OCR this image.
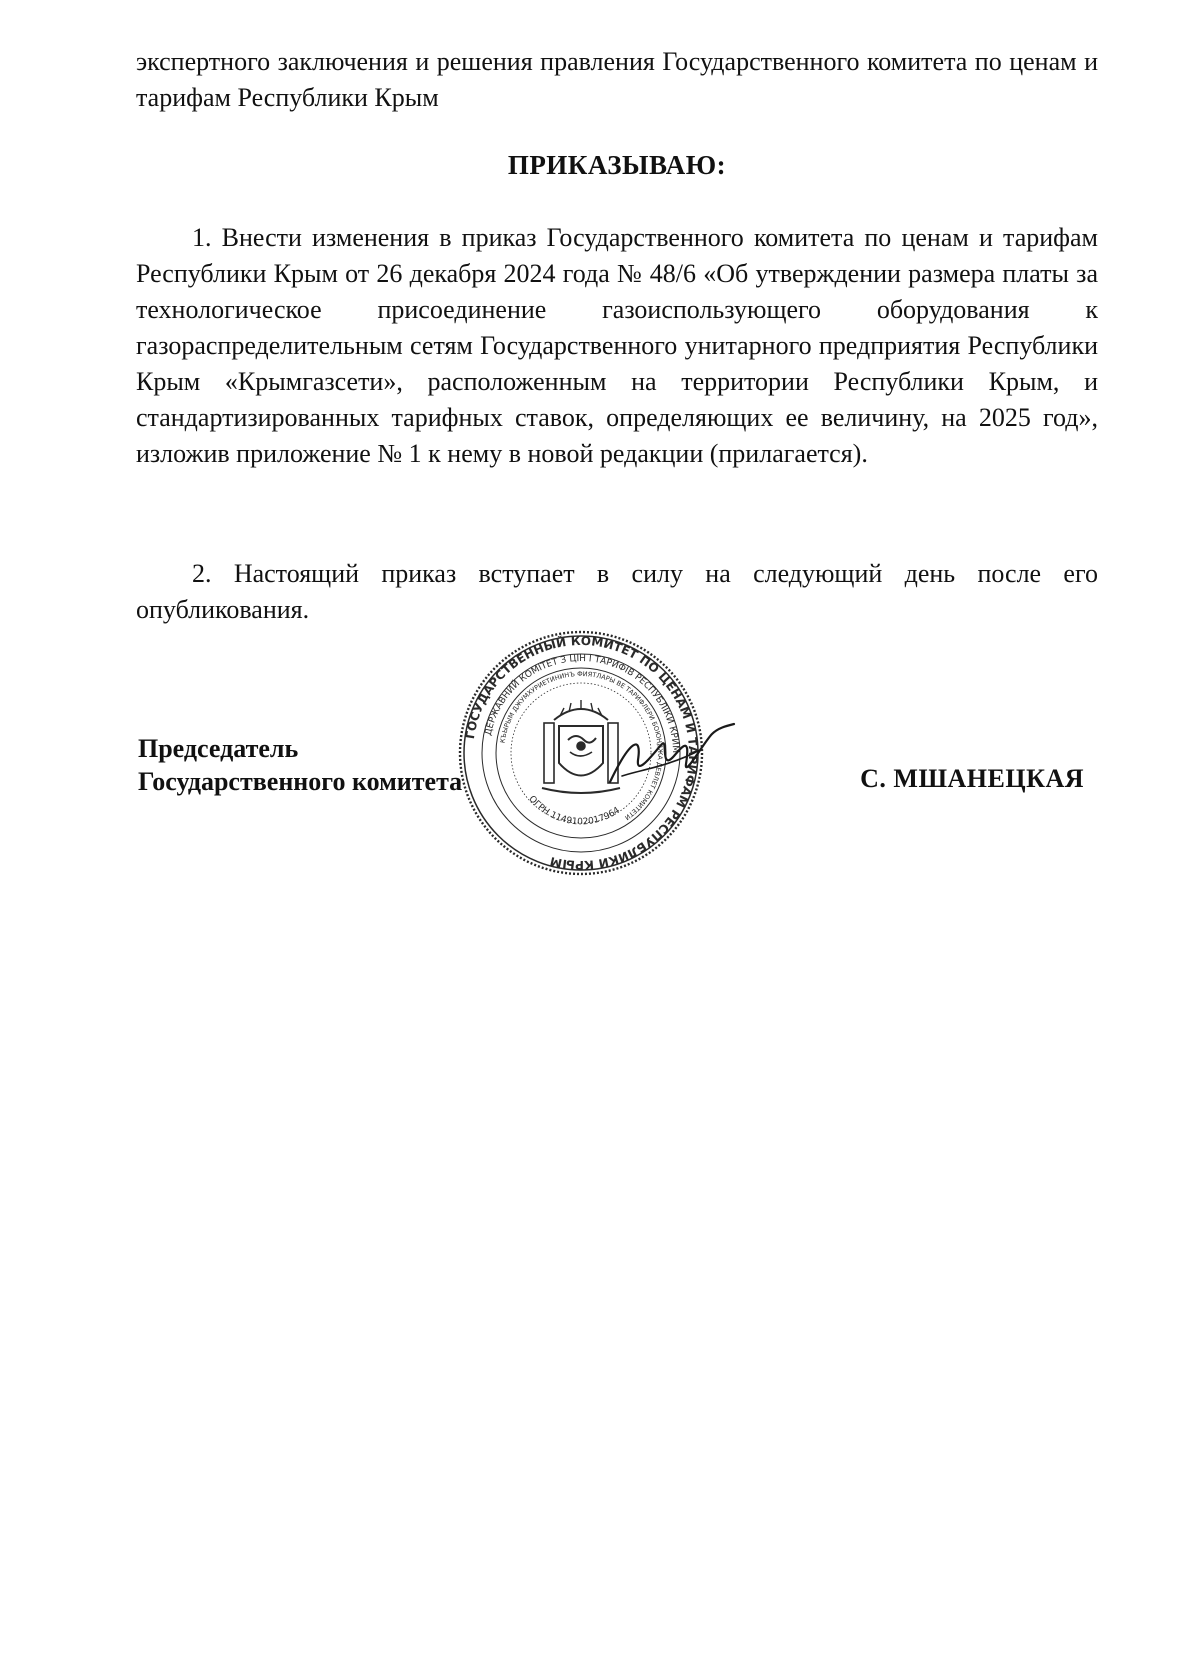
экспертного заключения и решения правления Государственного комитета по ценам и тарифам Республики Крым
ПРИКАЗЫВАЮ:
1. Внести изменения в приказ Государственного комитета по ценам и тарифам Республики Крым от 26 декабря 2024 года № 48/6 «Об утверждении размера платы за технологическое присоединение газоиспользующего оборудования к газораспределительным сетям Государственного унитарного предприятия Республики Крым «Крымгазсети», расположенным на территории Республики Крым, и стандартизированных тарифных ставок, определяющих ее величину, на 2025 год», изложив приложение № 1 к нему в новой редакции (прилагается).
2. Настоящий приказ вступает в силу на следующий день после его опубликования.
Председатель
Государственного комитета	С. МШАНЕЦКАЯ
ГОСУДАРСТВЕННЫЙ КОМИТЕТ ПО ЦЕНАМ И ТАРИФАМ РЕСПУБЛИКИ КРЫМ
ДЕРЖАВНИЙ КОМІТЕТ З ЦІН І ТАРИФІВ РЕСПУБЛІКИ КРИМ
КЪЫРЫМ ДЖУМХУРИЕТИНИНЪ ФИЯТЛАРЫ ВЕ ТАРИФЛЕРИ БОЮНДЖА ДЕВЛЕТ КОМИТЕТИ
ОГРН 1149102017964
